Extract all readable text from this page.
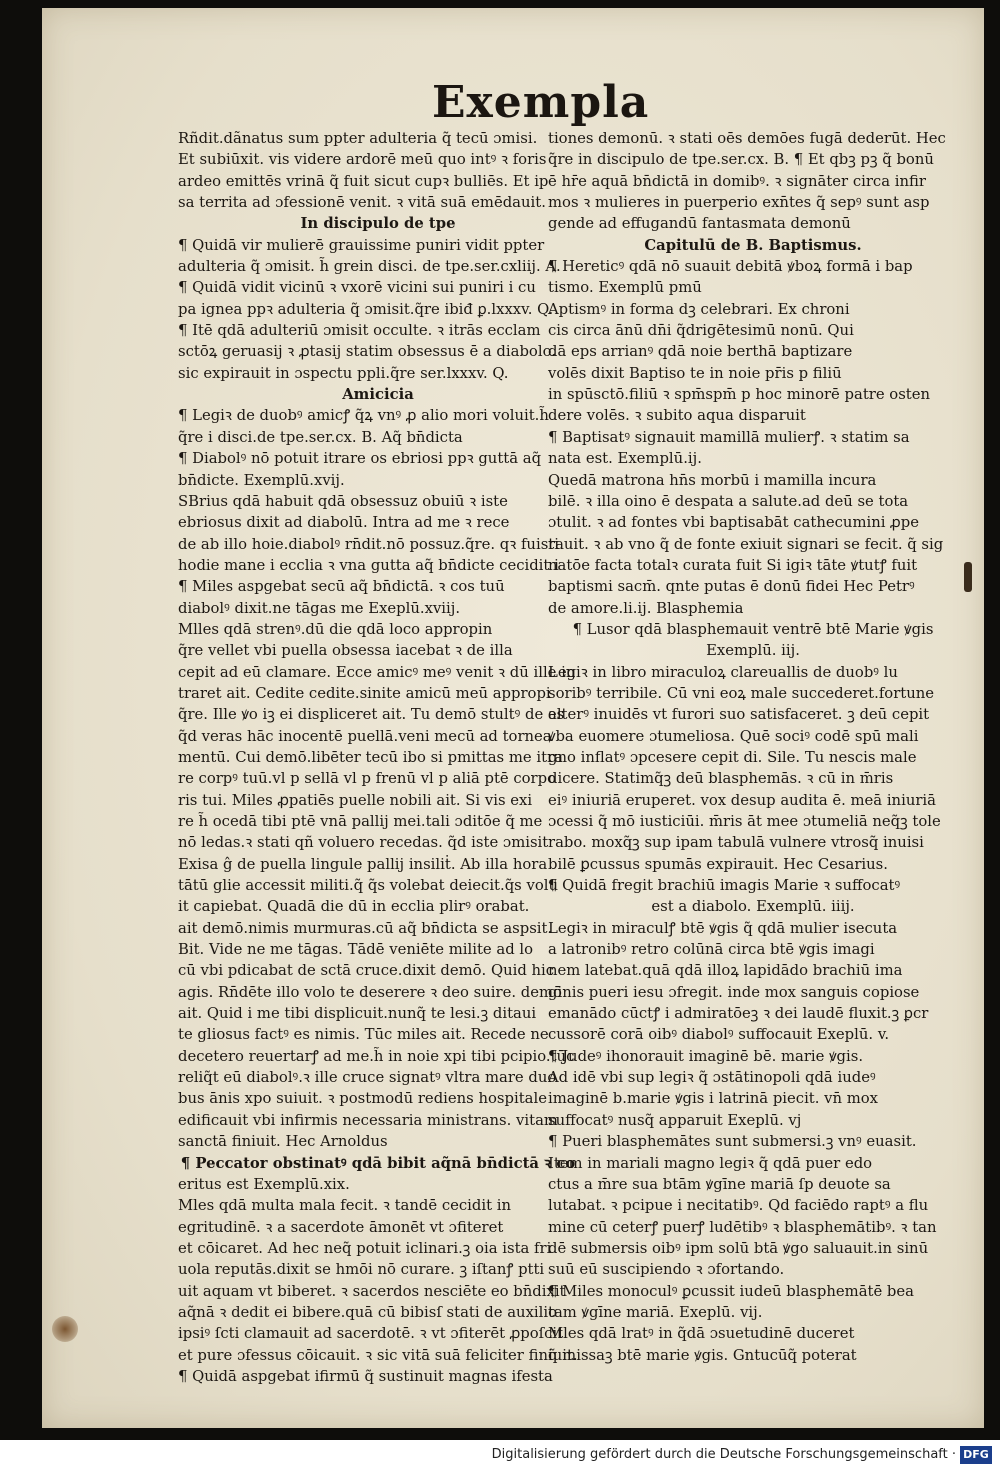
Exempla
Rñdit.dãnatus sum ppter adulteria q̃ tecū ɔmisi.
Et subiūxit. vis videre ardorē meū quo intꝰ ꝛ foris
ardeo emittēs vrinā q̃ fuit sicut cupꝛ bulliēs. Et ip
sa territa ad ɔfessionē venit. ꝛ vitā suā emēdauit.
In discipulo de tpe
¶ Quidā vir mulierē grauissime puniri vidit ppter
adulteria q̃ ɔmisit. h̃ grein disci. de tpe.ser.cxliij. A.
¶ Quidā vidit vicinū ꝛ vxorē vicini sui puniri i cu
pa ignea ppꝛ adulteria q̃ ɔmisit.q̃re ibiđ ꝑ.lxxxv. Q.
¶ Itē qdā adulteriū ɔmisit occulte. ꝛ itrās ecclam
sctōꝝ geruasij ꝛ ꝓtasij statim obsessus ē a diabolo.
sic expirauit in ɔspectu ppli.q̃re ser.lxxxv. Q.
Amicicia
¶ Legiꝛ de duobꝰ amicꝭ q̃ꝝ vnꝰ ꝓ alio mori voluit.h̃
q̃re i disci.de tpe.ser.cx. B. Aq̃ bn̄dicta
¶ Diabolꝰ nō potuit itrare os ebriosi ppꝛ guttā aq̃
bn̄dicte. Exemplū.xvij.
SBrius qdā habuit qdā obsessuz obuiū ꝛ iste
ebriosus dixit ad diabolū. Intra ad me ꝛ rece
de ab illo hoie.diabolꝰ rn̄dit.nō possuz.q̃re. qꝛ fuisti
hodie mane i ecclia ꝛ vna gutta aq̃ bn̄dicte cecidit i
¶ Miles aspgebat secū aq̃ bn̄dictā. ꝛ cos tuū
diabolꝰ dixit.ne tāgas me Exeplū.xviij.
Mlles qdā strenꝰ.dū die qdā loco appropin
q̃re vellet vbi puella obsessa iacebat ꝛ de illa
cepit ad eū clamare. Ecce amicꝰ meꝰ venit ꝛ dū ille in
traret ait. Cedite cedite.sinite amicū meū appropi
q̃re. Ille ꝟo iꝫ ei displiceret ait. Tu demō stultꝰ de es
q̃d veras hāc inocentē puellā.veni mecū ad tornea
mentū. Cui demō.libēter tecū ibo si pmittas me itra
re corpꝰ tuū.vl p sellā vl p frenū vl p aliā ptē corpo
ris tui. Miles ꝓpatiēs puelle nobili ait. Si vis exi
re h̃ ocedā tibi ptē vnā pallij mei.tali ɔditōe q̃ me
nō ledas.ꝛ stati qñ voluero recedas. q̃d iste ɔmisit
Exisa ĝ de puella lingule pallij insiliṫ. Ab illa hora
tātū glie accessit militi.q̃ q̃s volebat deiecit.q̃s volu
it capiebat. Quadā die dū in ecclia plirꝰ orabat.
ait demō.nimis murmuras.cū aq̃ bn̄dicta se aspsit.
Bit. Vide ne me tāgas. Tādē veniēte milite ad lo
cū vbi pdicabat de sctā cruce.dixit demō. Quid hic
agis. Rn̄dēte illo volo te deserere ꝛ deo suire. demō
ait. Quid i me tibi displicuit.nunq̃ te lesi.ꝫ ditaui
te gliosus factꝰ es nimis. Tūc miles ait. Recede ne
decetero reuertarꝭ ad me.h̃ in noie xpi tibi pcipio.tūc
reliq̃t eū diabolꝰ.ꝛ ille cruce signatꝰ vltra mare duo
bus ānis xpo suiuit. ꝛ postmodū rediens hospitale
edificauit vbi infirmis necessaria ministrans. vitam
sanctā finiuit. Hec Arnoldus
¶ Peccator obstinatꝰ qdā bibit aq̃nā bn̄dictā ꝛ co
eritus est Exemplū.xix.
Mles qdā multa mala fecit. ꝛ tandē cecidit in
egritudinē. ꝛ a sacerdote āmonēt vt ɔfiteret
et cōicaret. Ad hec neq̃ potuit iclinari.ꝫ oia ista fri
uola reputās.dixit se hmōi nō curare. ꝫ iſtanꝭ ptti
uit aquam vt biberet. ꝛ sacerdos nesciēte eo bn̄dixit
aq̃nā ꝛ dedit ei bibere.quā cū bibisſ stati de auxilio
ipsiꝰ ſcti clamauit ad sacerdotē. ꝛ vt ɔfiterēt ꝓpoſcit
et pure ɔfessus cōicauit. ꝛ sic vitā suā feliciter finiuit.
¶ Quidā aspgebat ifirmū q̃ sustinuit magnas ifesta
tiones demonū. ꝛ stati oēs demōes fugā dederūt. Hec
q̃re in discipulo de tpe.ser.cx. B. ¶ Et qbꝫ pꝫ q̃ bonū
ē hr̄e aquā bn̄dictā in domibꝰ. ꝛ signāter circa infir
mos ꝛ mulieres in puerperio exn̄tes q̃ sepꝰ sunt asp
gende ad effugandū fantasmata demonū
Capitulū de B. Baptismus.
¶ Hereticꝰ qdā nō suauit debitā ꝟboꝝ formā i bap
tismo. Exemplū pmū
Aptismꝰ in forma dꝫ celebrari. Ex chroni
cis circa ānū dn̄i q̃drigētesimū nonū. Qui
dā eps arrianꝰ qdā noie berthā baptizare
volēs dixit Baptiso te in noie pr̄is p filiū
in spūsctō.filiū ꝛ spm̄spm̄ p hoc minorē patre osten
dere volēs. ꝛ subito aqua disparuit
¶ Baptisatꝰ signauit mamillā mulierꝭ. ꝛ statim sa
nata est. Exemplū.ij.
Quedā matrona hn̄s morbū i mamilla incura
bilē. ꝛ illa oino ē despata a salute.ad deū se tota
ɔtulit. ꝛ ad fontes vbi baptisabāt cathecumini ꝓpe
rauit. ꝛ ab vno q̃ de fonte exiuit signari se fecit. q̃ sig
natōe facta totalꝛ curata fuit Si igiꝛ tāte ꝟtutꝭ fuit
baptismi sacm̄. qnte putas ē donū fidei Hec Petrꝰ
de amore.li.ij. Blasphemia
¶ Lusor qdā blasphemauit ventrē btē Marie ꝟgis
Exemplū. iij.
Legiꝛ in libro miraculoꝝ clareuallis de duobꝰ lu
soribꝰ terribile. Cū vni eoꝝ male succederet.fortune
alterꝰ inuidēs vt furori suo satisfaceret. ꝫ deū cepit
ꝟba euomere ɔtumeliosa. Quē sociꝰ codē spū mali
gno inflatꝰ ɔpcesere cepit di. Sile. Tu nescis male
dicere. Statimq̃ꝫ deū blasphemās. ꝛ cū in m̄ris
eiꝰ iniuriā eruperet. vox desup audita ē. meā iniuriā
ɔcessi q̃ mō iusticiūi. m̄ris āt mee ɔtumeliā neq̃ꝫ tole
rabo. moxq̃ꝫ sup ipam tabulā vulnere vtrosq̃ inuisi
bilē ꝑcussus spumās expirauit. Hec Cesarius.
¶ Quidā fregit brachiū imagis Marie ꝛ suffocatꝰ
est a diabolo. Exemplū. iiij.
Legiꝛ in miraculꝭ btē ꝟgis q̃ qdā mulier isecuta
a latronibꝰ retro colūnā circa btē ꝟgis imagi
nem latebat.quā qdā illoꝝ lapidādo brachiū ima
ginis pueri iesu ɔfregit. inde mox sanguis copiose
emanādo cūctꝭ i admiratōeꝫ ꝛ dei laudē fluxit.ꝫ ꝑcr
cussorē corā oibꝰ diabolꝰ suffocauit Exeplū. v.
¶ Judeꝰ ihonorauit imaginē bē. marie ꝟgis.
Ad idē vbi sup legiꝛ q̃ ɔstātinopoli qdā iudeꝰ
imaginē b.marie ꝟgis i latrinā piecit. vn̄ mox
suffocatꝰ nusq̃ apparuit Exeplū. vj
¶ Pueri blasphemātes sunt submersi.ꝫ vnꝰ euasit.
Item in mariali magno legiꝛ q̃ qdā puer edo
ctus a m̄re sua btām ꝟgīne mariā ſp deuote sa
lutabat. ꝛ pcipue i necitatibꝰ. Qd faciēdo raptꝰ a flu
mine cū ceterꝭ puerꝭ ludētibꝰ ꝛ blasphemātibꝰ. ꝛ tan
dē submersis oibꝰ ipm solū btā ꝟgo saluauit.in sinū
suū eū suscipiendo ꝛ ɔfortando.
¶ Miles monoculꝰ ꝑcussit iudeū blasphemātē bea
tam ꝟgīne mariā. Exeplū. vij.
Mles qdā lratꝰ in q̃dā ɔsuetudinē duceret
q̃ missaꝫ btē marie ꝟgis. Gntucūq̃ poterat
Digitalisierung gefördert durch die Deutsche Forschungsgemeinschaft · DFG
